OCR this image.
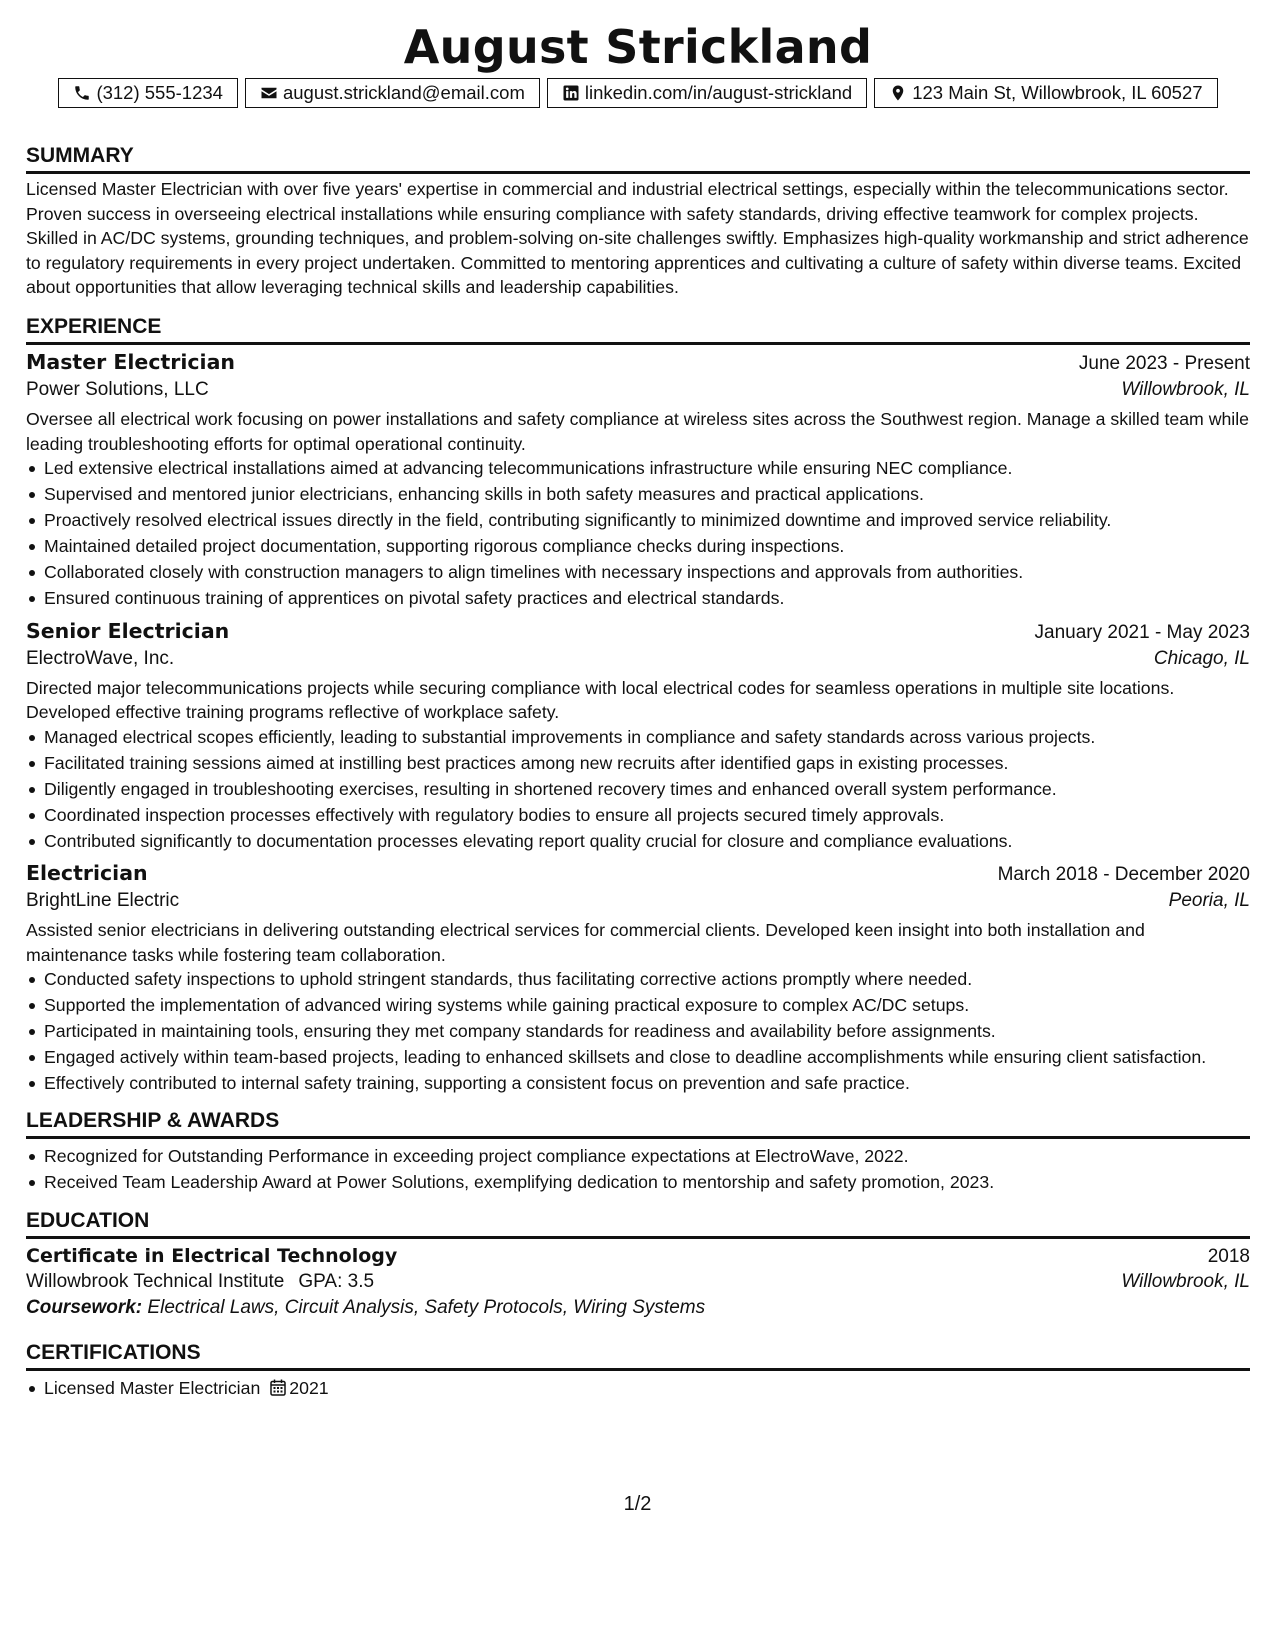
August Strickland
(312) 555-1234	august.strickland@email.com	linkedin.com/in/august-strickland	123 Main St, Willowbrook, IL 60527
SUMMARY

Licensed Master Electrician with over five years' expertise in commercial and industrial electrical settings, especially within the telecommunications sector. Proven success in overseeing electrical installations while ensuring compliance with safety standards, driving effective teamwork for complex projects. Skilled in AC/DC systems, grounding techniques, and problem-solving on-site challenges swiftly. Emphasizes high-quality workmanship and strict adherence to regulatory requirements in every project undertaken. Committed to mentoring apprentices and cultivating a culture of safety within diverse teams. Excited about opportunities that allow leveraging technical skills and leadership capabilities.

EXPERIENCE
Master Electrician	June 2023 - Present
Power Solutions, LLC	Willowbrook, IL

Oversee all electrical work focusing on power installations and safety compliance at wireless sites across the Southwest region. Manage a skilled team while leading troubleshooting efforts for optimal operational continuity.

Led extensive electrical installations aimed at advancing telecommunications infrastructure while ensuring NEC compliance.
Supervised and mentored junior electricians, enhancing skills in both safety measures and practical applications.
Proactively resolved electrical issues directly in the field, contributing significantly to minimized downtime and improved service reliability.
Maintained detailed project documentation, supporting rigorous compliance checks during inspections.
Collaborated closely with construction managers to align timelines with necessary inspections and approvals from authorities.
Ensured continuous training of apprentices on pivotal safety practices and electrical standards.
Senior Electrician	January 2021 - May 2023
ElectroWave, Inc.	Chicago, IL

Directed major telecommunications projects while securing compliance with local electrical codes for seamless operations in multiple site locations. Developed effective training programs reflective of workplace safety.

Managed electrical scopes efficiently, leading to substantial improvements in compliance and safety standards across various projects.
Facilitated training sessions aimed at instilling best practices among new recruits after identified gaps in existing processes.
Diligently engaged in troubleshooting exercises, resulting in shortened recovery times and enhanced overall system performance.
Coordinated inspection processes effectively with regulatory bodies to ensure all projects secured timely approvals.
Contributed significantly to documentation processes elevating report quality crucial for closure and compliance evaluations.
Electrician	March 2018 - December 2020
BrightLine Electric	Peoria, IL

Assisted senior electricians in delivering outstanding electrical services for commercial clients. Developed keen insight into both installation and maintenance tasks while fostering team collaboration.

Conducted safety inspections to uphold stringent standards, thus facilitating corrective actions promptly where needed.
Supported the implementation of advanced wiring systems while gaining practical exposure to complex AC/DC setups.
Participated in maintaining tools, ensuring they met company standards for readiness and availability before assignments.
Engaged actively within team-based projects, leading to enhanced skillsets and close to deadline accomplishments while ensuring client satisfaction.
Effectively contributed to internal safety training, supporting a consistent focus on prevention and safe practice.
LEADERSHIP & AWARDS
Recognized for Outstanding Performance in exceeding project compliance expectations at ElectroWave, 2022.
Received Team Leadership Award at Power Solutions, exemplifying dedication to mentorship and safety promotion, 2023.
EDUCATION
Certificate in Electrical Technology	2018
Willowbrook Technical Institute GPA: 3.5	Willowbrook, IL
Coursework: Electrical Laws, Circuit Analysis, Safety Protocols, Wiring Systems
CERTIFICATIONS
Licensed Master Electrician 2021
1/2
